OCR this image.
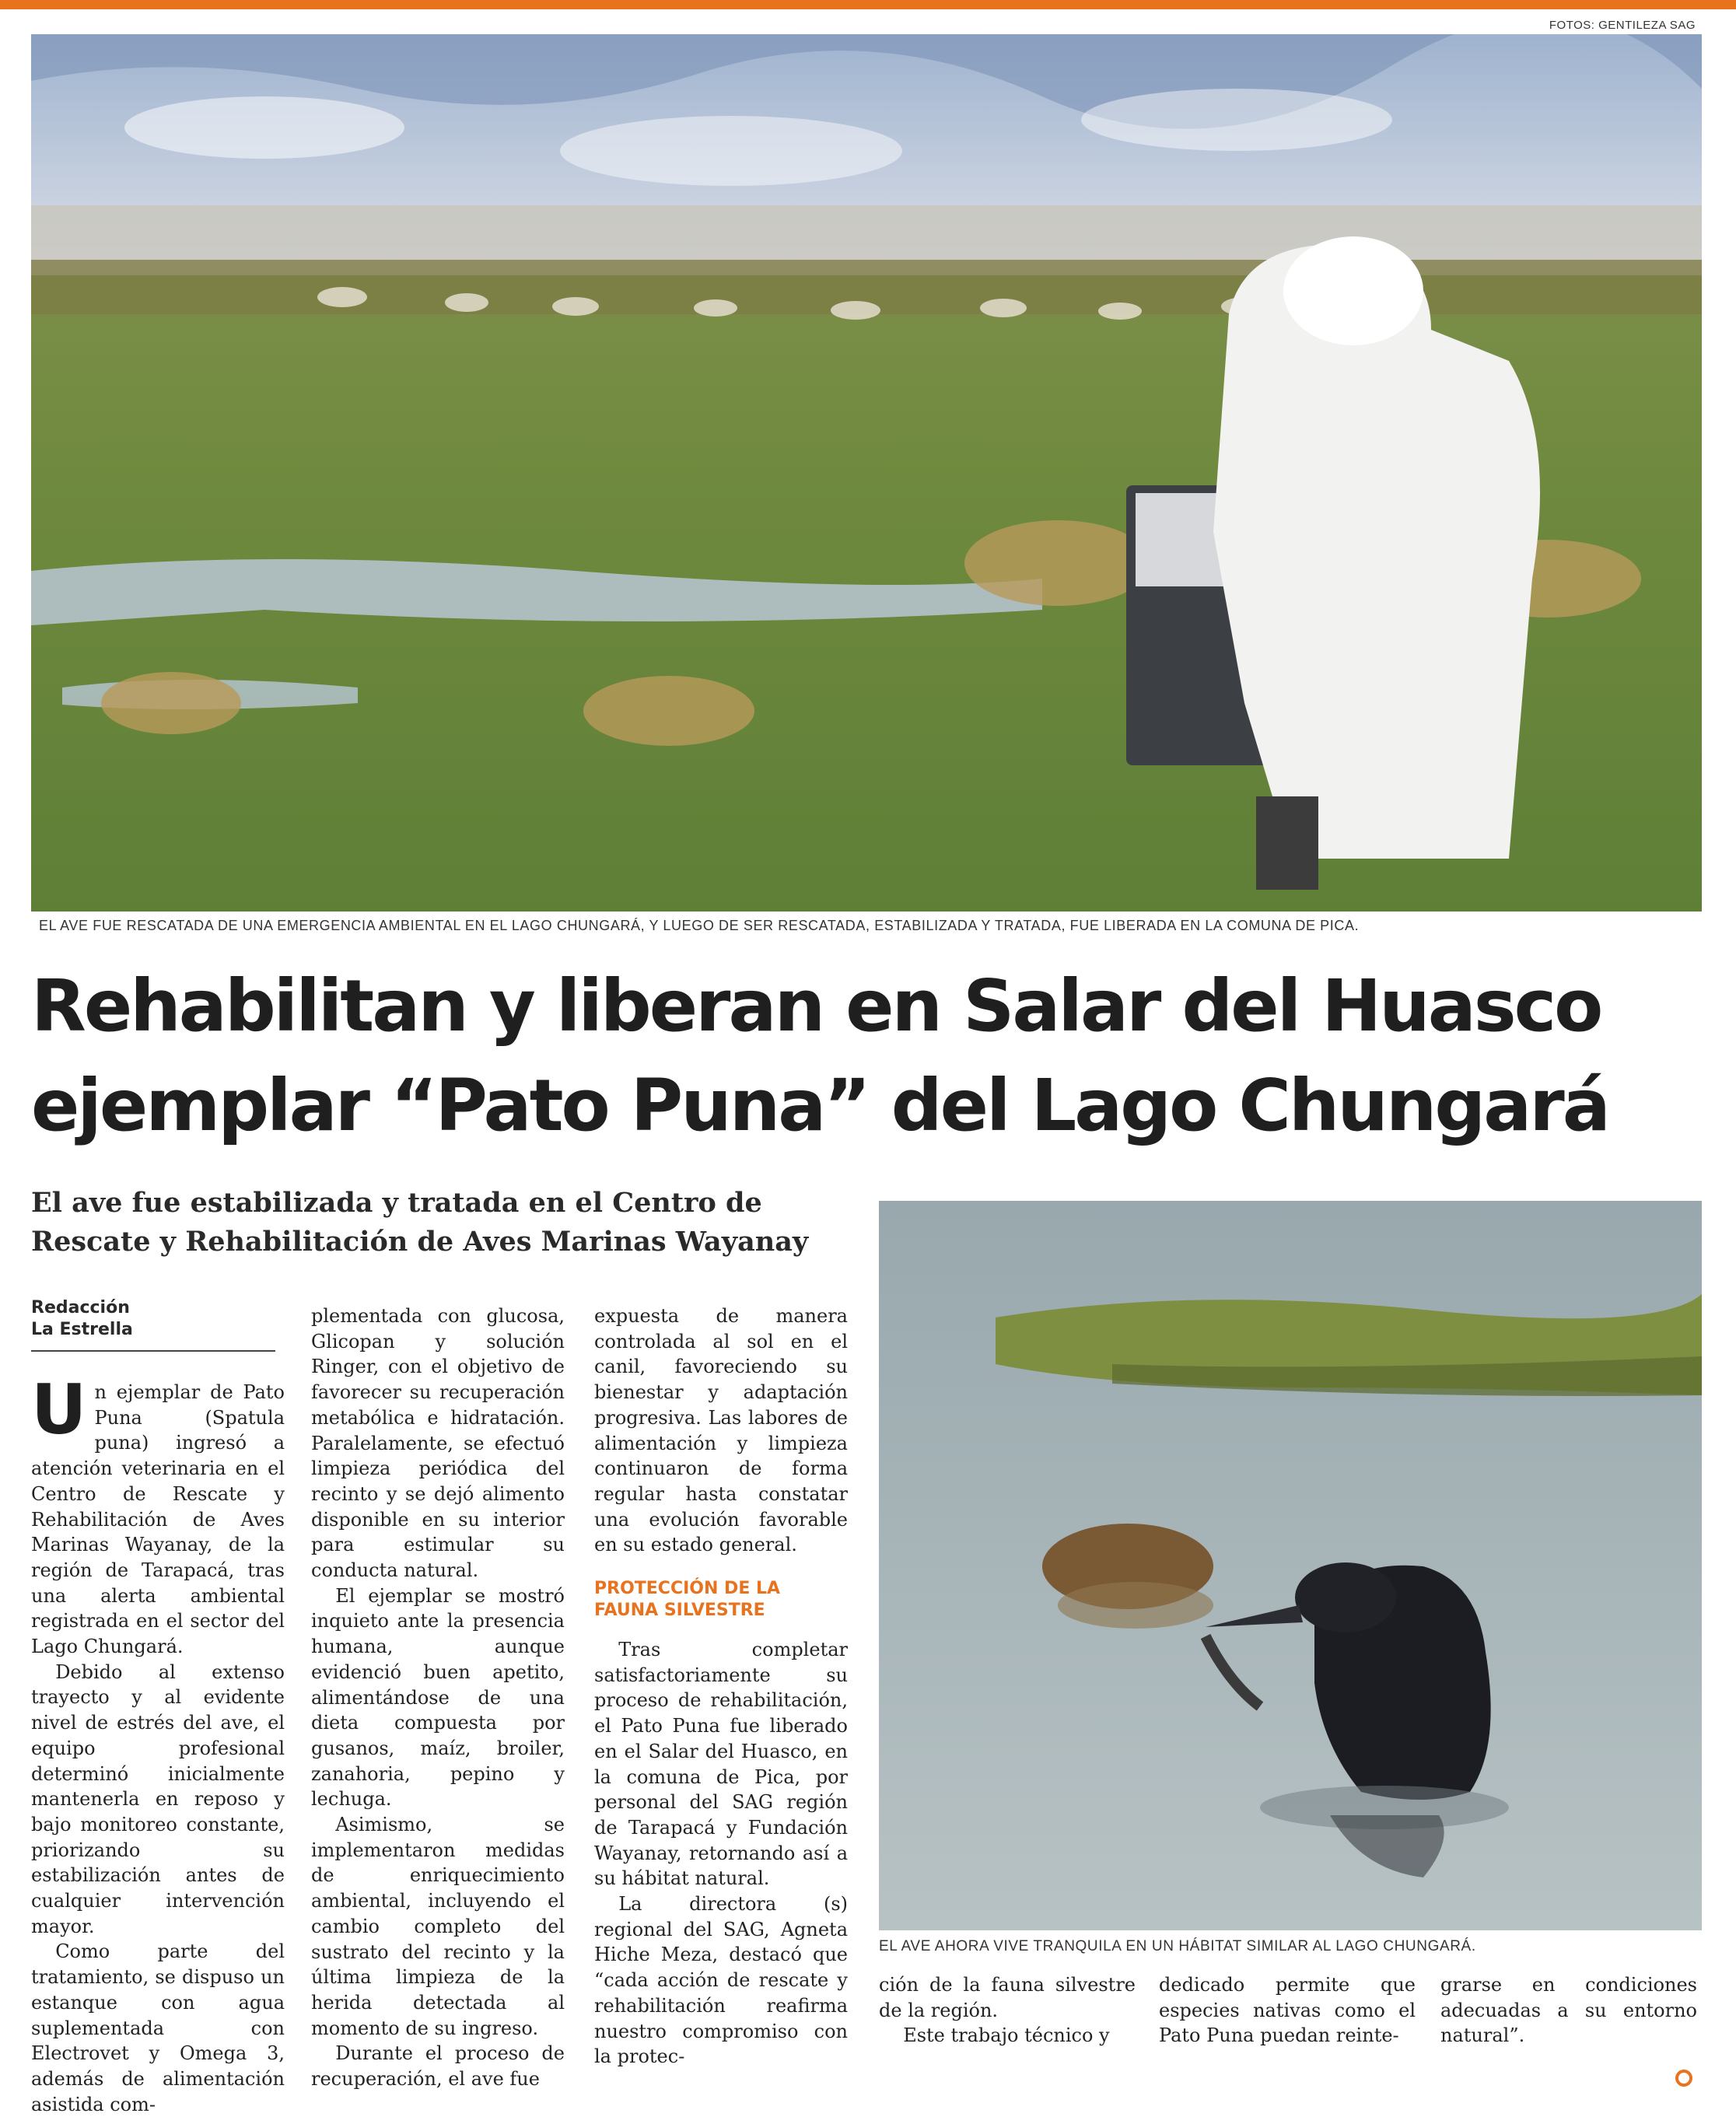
FOTOS: GENTILEZA SAG
EL AVE FUE RESCATADA DE UNA EMERGENCIA AMBIENTAL EN EL LAGO CHUNGARÁ, Y LUEGO DE SER RESCATADA, ESTABILIZADA Y TRATADA, FUE LIBERADA EN LA COMUNA DE PICA.
Rehabilitan y liberan en Salar del Huasco
ejemplar “Pato Puna” del Lago Chungará

El ave fue estabilizada y tratada en el Centro de Rescate y Rehabilitación de Aves Marinas Wayanay

Redacción
La Estrella
EL AVE AHORA VIVE TRANQUILA EN UN HÁBITAT SIMILAR AL LAGO CHUNGARÁ.

Un ejemplar de Pato Puna (Spatula puna) ingresó a atención veterinaria en el Centro de Rescate y Rehabilitación de Aves Marinas Wayanay, de la región de Tarapacá, tras una alerta ambiental registrada en el sector del Lago Chungará.

Debido al extenso trayecto y al evidente nivel de estrés del ave, el equipo profesional determinó inicialmente mantenerla en reposo y bajo monitoreo constante, priorizando su estabilización antes de cualquier intervención mayor.

Como parte del tratamiento, se dispuso un estanque con agua suplementada con Electrovet y Omega 3, además de alimentación asistida com-

plementada con glucosa, Glicopan y solución Ringer, con el objetivo de favorecer su recuperación metabólica e hidratación. Paralelamente, se efectuó limpieza periódica del recinto y se dejó alimento disponible en su interior para estimular su conducta natural.

El ejemplar se mostró inquieto ante la presencia humana, aunque evidenció buen apetito, alimentándose de una dieta compuesta por gusanos, maíz, broiler, zanahoria, pepino y lechuga.

Asimismo, se implementaron medidas de enriquecimiento ambiental, incluyendo el cambio completo del sustrato del recinto y la última limpieza de la herida detectada al momento de su ingreso.

Durante el proceso de recuperación, el ave fue

expuesta de manera controlada al sol en el canil, favoreciendo su bienestar y adaptación progresiva. Las labores de alimentación y limpieza continuaron de forma regular hasta constatar una evolución favorable en su estado general.

PROTECCIÓN DE LA FAUNA SILVESTRE

Tras completar satisfactoriamente su proceso de rehabilitación, el Pato Puna fue liberado en el Salar del Huasco, en la comuna de Pica, por personal del SAG región de Tarapacá y Fundación Wayanay, retornando así a su hábitat natural.

La directora (s) regional del SAG, Agneta Hiche Meza, destacó que “cada acción de rescate y rehabilitación reafirma nuestro compromiso con la protec-

ción de la fauna silvestre de la región.

Este trabajo técnico y

dedicado permite que especies nativas como el Pato Puna puedan reinte-

grarse en condiciones adecuadas a su entorno natural”.
